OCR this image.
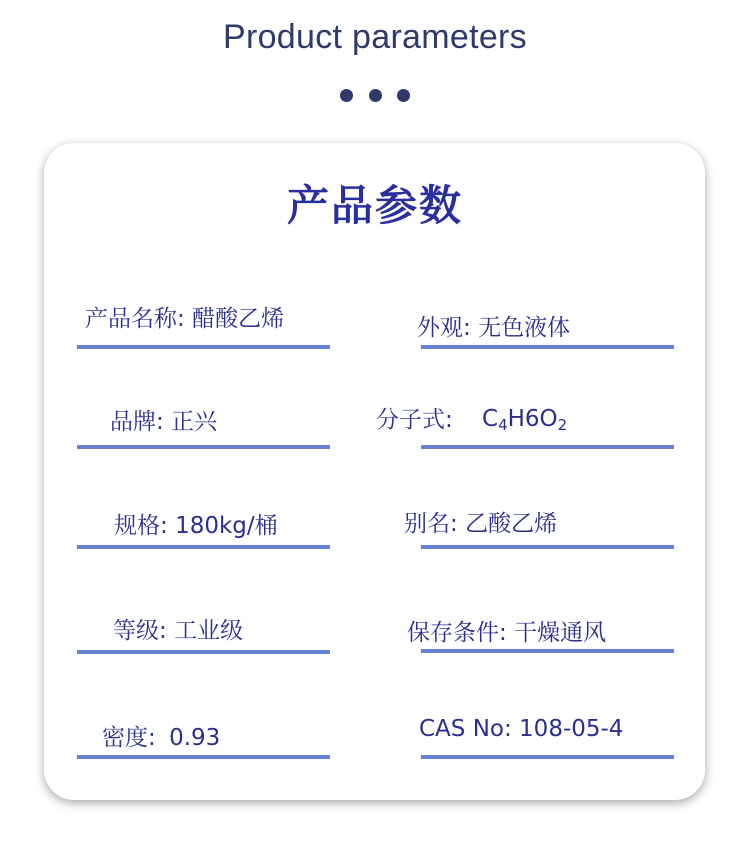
Product parameters
产品参数
产品名称: 醋酸乙烯	外观: 无色液体
品牌: 正兴	分子式: C4H6O2
规格: 180kg/桶	别名: 乙酸乙烯
等级: 工业级	保存条件: 干燥通风
密度: 0.93	CAS No: 108-05-4
